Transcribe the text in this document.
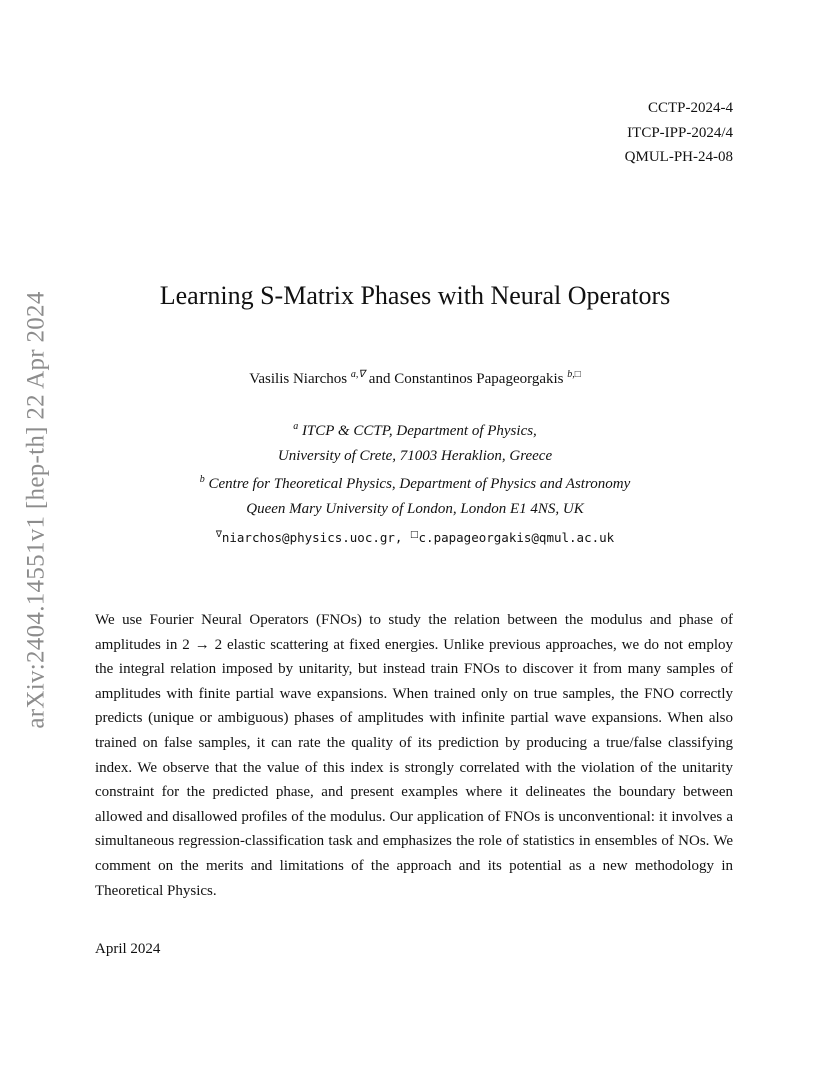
arXiv:2404.14551v1 [hep-th] 22 Apr 2024
CCTP-2024-4
ITCP-IPP-2024/4
QMUL-PH-24-08
Learning S-Matrix Phases with Neural Operators
Vasilis Niarchos $^{a,\nabla}$ and Constantinos Papageorgakis $^{b,□}$
$^a$ ITCP & CCTP, Department of Physics,
University of Crete, 71003 Heraklion, Greece
$^b$ Centre for Theoretical Physics, Department of Physics and Astronomy
Queen Mary University of London, London E1 4NS, UK
∇niarchos@physics.uoc.gr, □c.papageorgakis@qmul.ac.uk

We use Fourier Neural Operators (FNOs) to study the relation between the modulus and phase of amplitudes in 2 → 2 elastic scattering at fixed energies. Unlike previous approaches, we do not employ the integral relation imposed by unitarity, but instead train FNOs to discover it from many samples of amplitudes with finite partial wave expansions. When trained only on true samples, the FNO correctly predicts (unique or ambiguous) phases of amplitudes with infinite partial wave expansions. When also trained on false samples, it can rate the quality of its prediction by producing a true/false classifying index. We observe that the value of this index is strongly correlated with the violation of the unitarity constraint for the predicted phase, and present examples where it delineates the boundary between allowed and disallowed profiles of the modulus. Our application of FNOs is unconventional: it involves a simultaneous regression-classification task and emphasizes the role of statistics in ensembles of NOs. We comment on the merits and limitations of the approach and its potential as a new methodology in Theoretical Physics.

April 2024
